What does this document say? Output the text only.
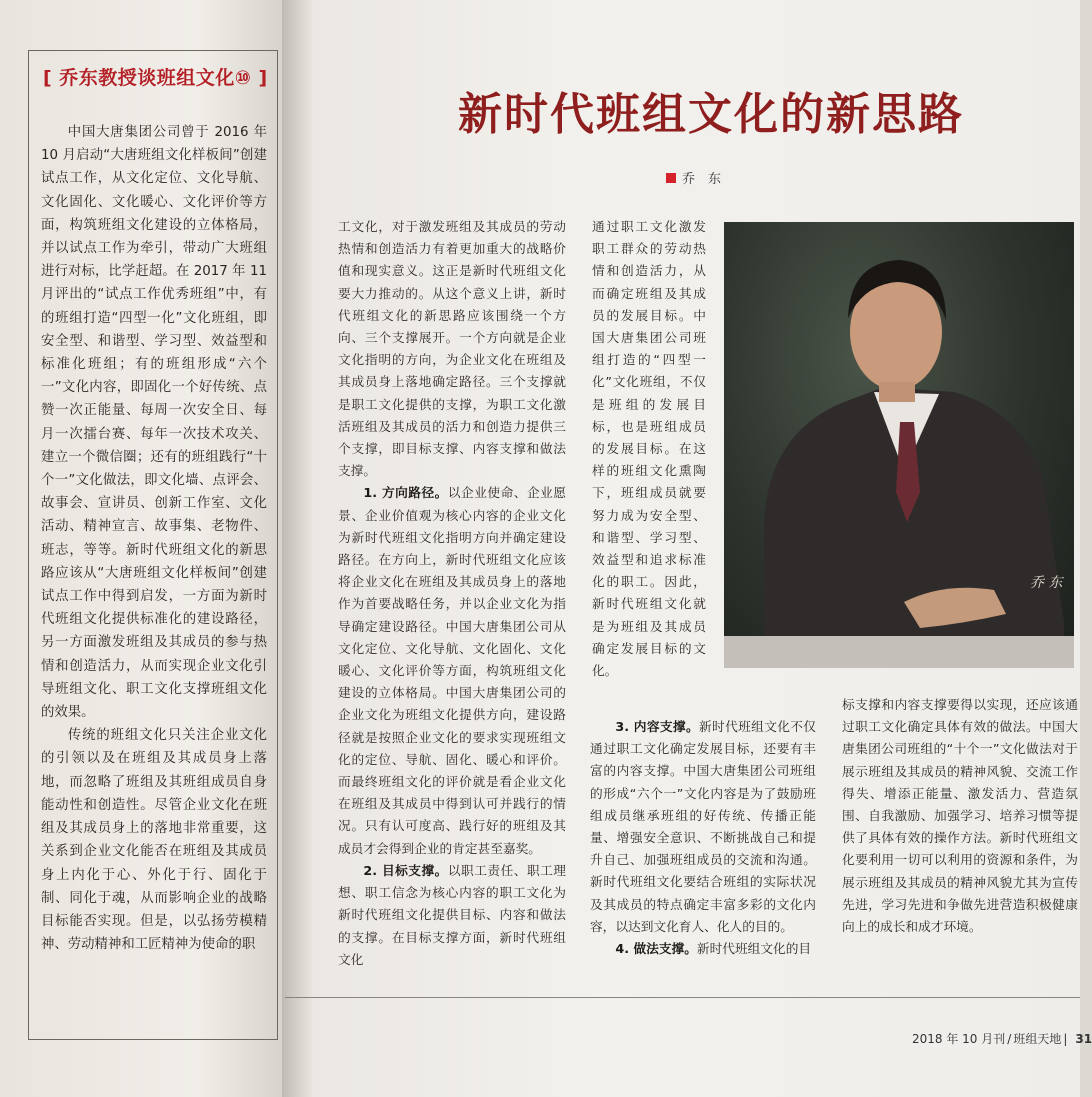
[ 乔东教授谈班组文化⑩ ]

中国大唐集团公司曾于 2016 年 10 月启动“大唐班组文化样板间”创建试点工作，从文化定位、文化导航、文化固化、文化暖心、文化评价等方面，构筑班组文化建设的立体格局，并以试点工作为牵引，带动广大班组进行对标，比学赶超。在 2017 年 11 月评出的“试点工作优秀班组”中，有的班组打造“四型一化”文化班组，即安全型、和谐型、学习型、效益型和标准化班组；有的班组形成“六个一”文化内容，即固化一个好传统、点赞一次正能量、每周一次安全日、每月一次擂台赛、每年一次技术攻关、建立一个微信圈；还有的班组践行“十个一”文化做法，即文化墙、点评会、故事会、宣讲员、创新工作室、文化活动、精神宣言、故事集、老物件、班志，等等。新时代班组文化的新思路应该从“大唐班组文化样板间”创建试点工作中得到启发，一方面为新时代班组文化提供标准化的建设路径，另一方面激发班组及其成员的参与热情和创造活力，从而实现企业文化引导班组文化、职工文化支撑班组文化的效果。

传统的班组文化只关注企业文化的引领以及在班组及其成员身上落地，而忽略了班组及其班组成员自身能动性和创造性。尽管企业文化在班组及其成员身上的落地非常重要，这关系到企业文化能否在班组及其成员身上内化于心、外化于行、固化于制、同化于魂，从而影响企业的战略目标能否实现。但是，以弘扬劳模精神、劳动精神和工匠精神为使命的职

新时代班组文化的新思路
乔　东

工文化，对于激发班组及其成员的劳动热情和创造活力有着更加重大的战略价值和现实意义。这正是新时代班组文化要大力推动的。从这个意义上讲，新时代班组文化的新思路应该围绕一个方向、三个支撑展开。一个方向就是企业文化指明的方向，为企业文化在班组及其成员身上落地确定路径。三个支撑就是职工文化提供的支撑，为职工文化激活班组及其成员的活力和创造力提供三个支撑，即目标支撑、内容支撑和做法支撑。

1. 方向路径。以企业使命、企业愿景、企业价值观为核心内容的企业文化为新时代班组文化指明方向并确定建设路径。在方向上，新时代班组文化应该将企业文化在班组及其成员身上的落地作为首要战略任务，并以企业文化为指导确定建设路径。中国大唐集团公司从文化定位、文化导航、文化固化、文化暖心、文化评价等方面，构筑班组文化建设的立体格局。中国大唐集团公司的企业文化为班组文化提供方向，建设路径就是按照企业文化的要求实现班组文化的定位、导航、固化、暖心和评价。而最终班组文化的评价就是看企业文化在班组及其成员中得到认可并践行的情况。只有认可度高、践行好的班组及其成员才会得到企业的肯定甚至嘉奖。

2. 目标支撑。以职工责任、职工理想、职工信念为核心内容的职工文化为新时代班组文化提供目标、内容和做法的支撑。在目标支撑方面，新时代班组文化

通过职工文化激发职工群众的劳动热情和创造活力，从而确定班组及其成员的发展目标。中国大唐集团公司班组打造的“四型一化”文化班组，不仅是班组的发展目标，也是班组成员的发展目标。在这样的班组文化熏陶下，班组成员就要努力成为安全型、和谐型、学习型、效益型和追求标准化的职工。因此，新时代班组文化就是为班组及其成员确定发展目标的文化。

3. 内容支撑。新时代班组文化不仅通过职工文化确定发展目标，还要有丰富的内容支撑。中国大唐集团公司班组的形成“六个一”文化内容是为了鼓励班组成员继承班组的好传统、传播正能量、增强安全意识、不断挑战自己和提升自己、加强班组成员的交流和沟通。新时代班组文化要结合班组的实际状况及其成员的特点确定丰富多彩的文化内容，以达到文化育人、化人的目的。

4. 做法支撑。新时代班组文化的目

标支撑和内容支撑要得以实现，还应该通过职工文化确定具体有效的做法。中国大唐集团公司班组的“十个一”文化做法对于展示班组及其成员的精神风貌、交流工作得失、增添正能量、激发活力、营造氛围、自我激励、加强学习、培养习惯等提供了具体有效的操作方法。新时代班组文化要利用一切可以利用的资源和条件，为展示班组及其成员的精神风貌尤其为宣传先进，学习先进和争做先进营造积极健康向上的成长和成才环境。

乔 东
2018 年 10 月刊 / 班组天地 | 31
